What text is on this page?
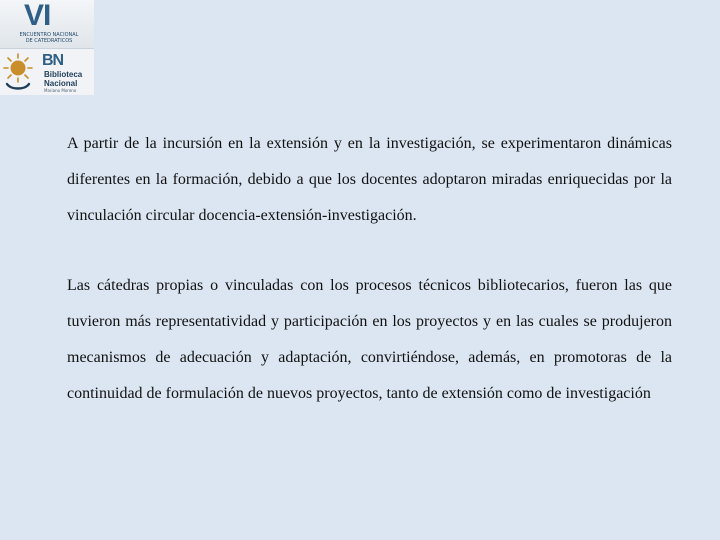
VI
ENCUENTRO NACIONAL
DE CATEDRATICOS
BN
Biblioteca
Nacional
Mariano Moreno

A partir de la incursión en la extensión y en la investigación, se experimentaron dinámicas diferentes en la formación, debido a que los docentes adoptaron miradas enriquecidas por la vinculación circular docencia-extensión-investigación.

Las cátedras propias o vinculadas con los procesos técnicos bibliotecarios, fueron las que tuvieron más representatividad y participación en los proyectos y en las cuales se produjeron mecanismos de adecuación y adaptación, convirtiéndose, además, en promotoras de la continuidad de formulación de nuevos proyectos, tanto de extensión como de investigación
